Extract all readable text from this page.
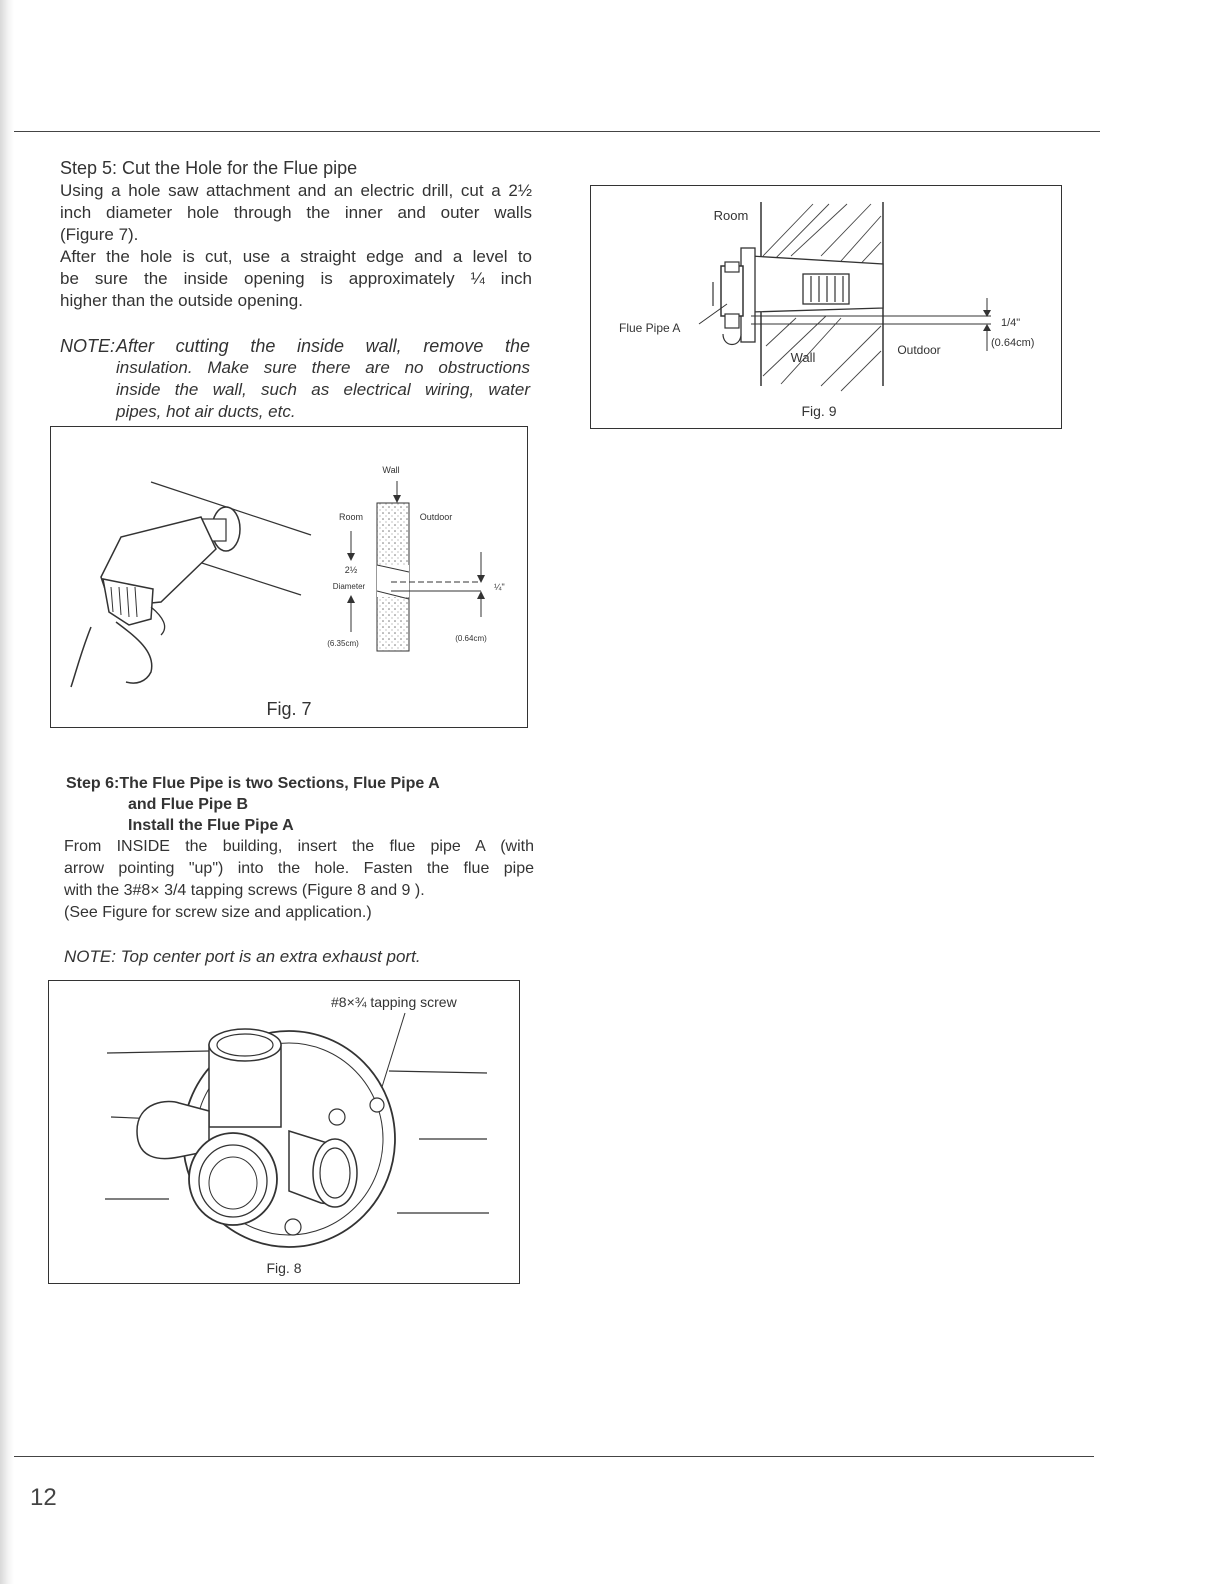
Step 5: Cut the Hole for the Flue pipe

Using a hole saw attachment and an electric drill, cut a 2½

inch diameter hole through the inner and outer walls

(Figure 7).

After the hole is cut, use a straight edge and a level to

be sure the inside opening is approximately ¼ inch

higher than the outside opening.

NOTE: After cutting the inside wall, remove the

insulation. Make sure there are no obstructions

inside the wall, such as electrical wiring, water

pipes, hot air ducts, etc.

Wall
Room	Outdoor
2½
Diameter
(6.35cm)
¼"
(0.64cm)
Fig. 7
Room
Flue Pipe A
Wall	Outdoor
1/4"
(0.64cm)
Fig. 9

Step 6:The Flue Pipe is two Sections, Flue Pipe A

and Flue Pipe B

Install the Flue Pipe A

From INSIDE the building, insert the flue pipe A (with

arrow pointing "up") into the hole. Fasten the flue pipe

with the 3#8× 3/4 tapping screws (Figure 8 and 9 ).

(See Figure for screw size and application.)

NOTE: Top center port is an extra exhaust port.

#8×¾ tapping screw
Fig. 8
12
